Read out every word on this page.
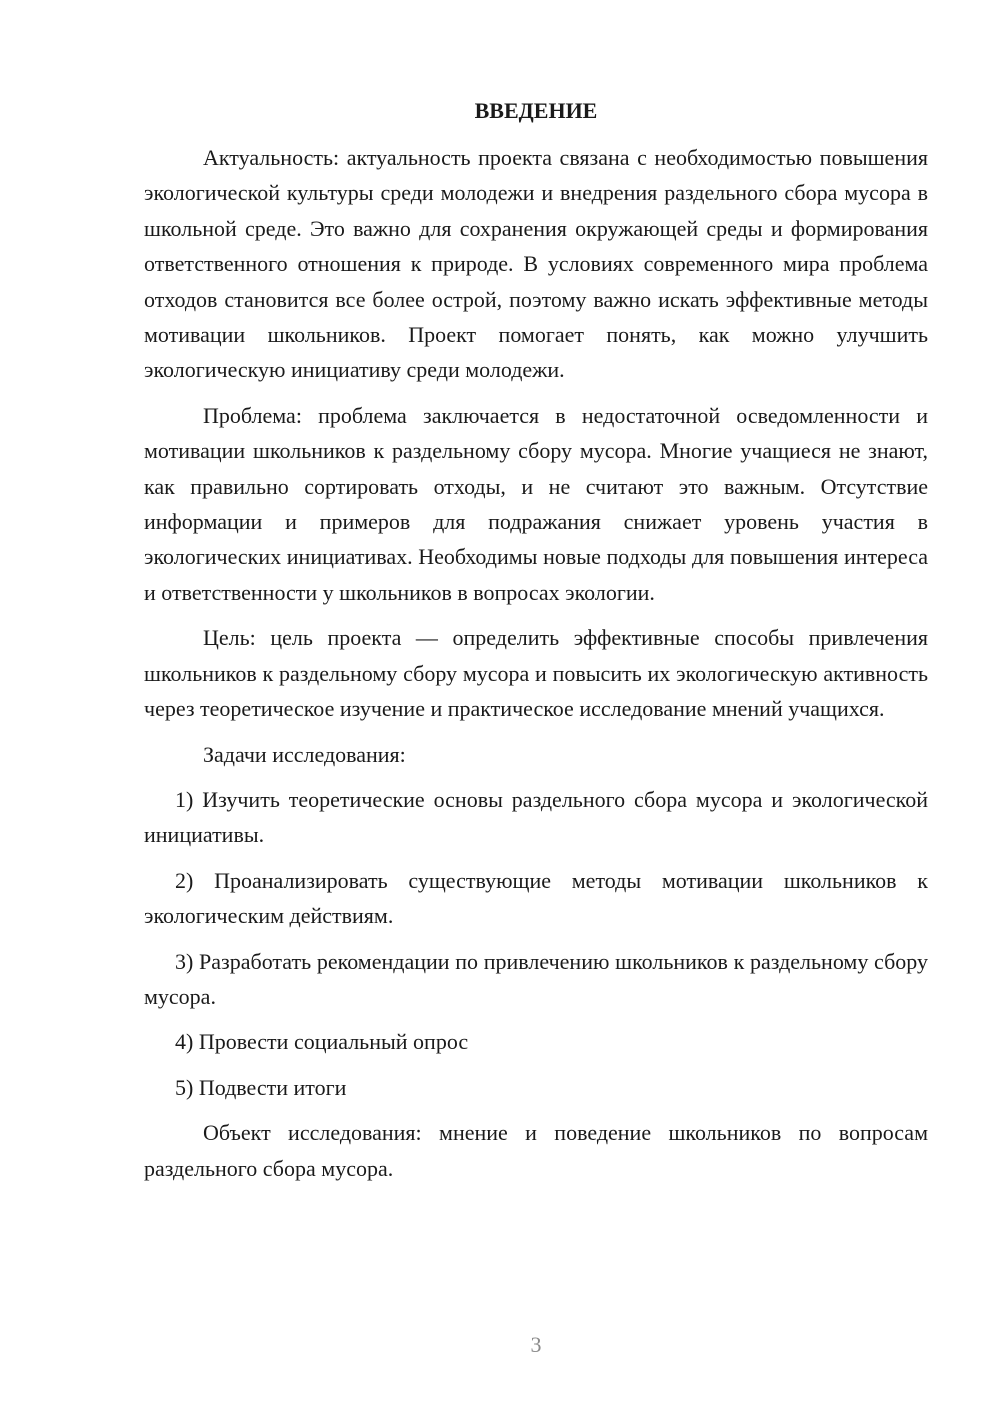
ВВЕДЕНИЕ

Актуальность: актуальность проекта связана с необходимостью повышения экологической культуры среди молодежи и внедрения раздельного сбора мусора в школьной среде. Это важно для сохранения окружающей среды и формирования ответственного отношения к природе. В условиях современного мира проблема отходов становится все более острой, поэтому важно искать эффективные методы мотивации школьников. Проект помогает понять, как можно улучшить экологическую инициативу среди молодежи.

Проблема: проблема заключается в недостаточной осведомленности и мотивации школьников к раздельному сбору мусора. Многие учащиеся не знают, как правильно сортировать отходы, и не считают это важным. Отсутствие информации и примеров для подражания снижает уровень участия в экологических инициативах. Необходимы новые подходы для повышения интереса и ответственности у школьников в вопросах экологии.

Цель: цель проекта — определить эффективные способы привлечения школьников к раздельному сбору мусора и повысить их экологическую активность через теоретическое изучение и практическое исследование мнений учащихся.

Задачи исследования:

1) Изучить теоретические основы раздельного сбора мусора и экологической инициативы.

2) Проанализировать существующие методы мотивации школьников к экологическим действиям.

3) Разработать рекомендации по привлечению школьников к раздельному сбору мусора.

4) Провести социальный опрос

5) Подвести итоги

Объект исследования: мнение и поведение школьников по вопросам раздельного сбора мусора.

3
